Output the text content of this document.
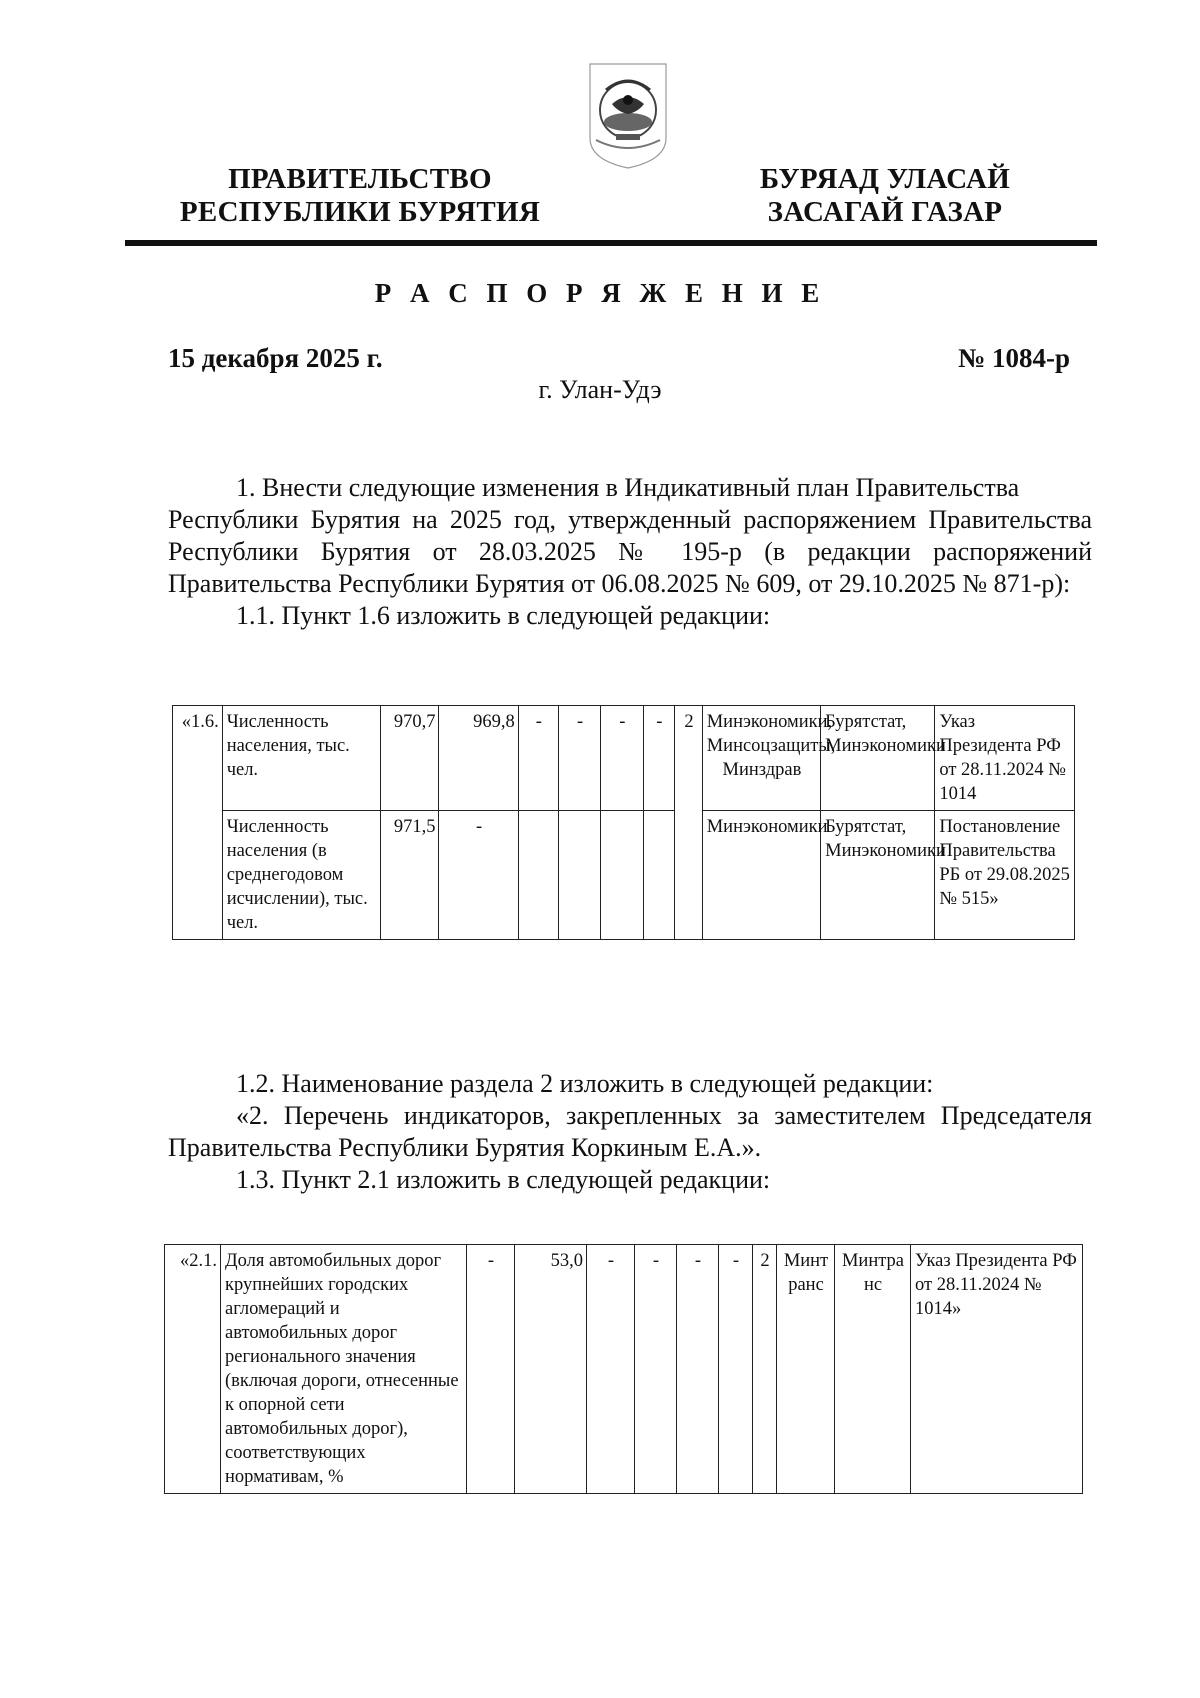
ПРАВИТЕЛЬСТВО
РЕСПУБЛИКИ БУРЯТИЯ
БУРЯАД УЛАСАЙ
ЗАСАГАЙ ГАЗАР
Р А С П О Р Я Ж Е Н И Е
15 декабря 2025 г.	№ 1084-р
г. Улан-Удэ

1. Внести следующие изменения в Индикативный план Правительства

Республики Бурятия на 2025 год, утвержденный распоряжением Правительства Республики Бурятия от 28.03.2025 № 195-р (в редакции распоряжений Правительства Республики Бурятия от 06.08.2025 № 609, от 29.10.2025 № 871-р):

1.1. Пункт 1.6 изложить в следующей редакции:

«1.6.	Численность населения, тыс. чел.	970,7	969,8	-	-	-	-	2	Минэкономики, Минсоцзащиты, Минздрав	Бурятстат, Минэкономики	Указ Президента РФ от 28.11.2024 № 1014
	Численность населения (в среднегодовом исчислении), тыс. чел.	971,5	-						Минэкономики	Бурятстат, Минэкономики	Постановление Правительства РБ от 29.08.2025 № 515»

1.2. Наименование раздела 2 изложить в следующей редакции:

«2. Перечень индикаторов, закрепленных за заместителем Председателя Правительства Республики Бурятия Коркиным Е.А.».

1.3. Пункт 2.1 изложить в следующей редакции:

«2.1.	Доля автомобильных дорог крупнейших городских агломераций и автомобильных дорог регионального значения (включая дороги, отнесенные к опорной сети автомобильных дорог), соответствующих нормативам, %	-	53,0	-	-	-	-	2	Минтранс	Минтранс	Указ Президента РФ от 28.11.2024 № 1014»
